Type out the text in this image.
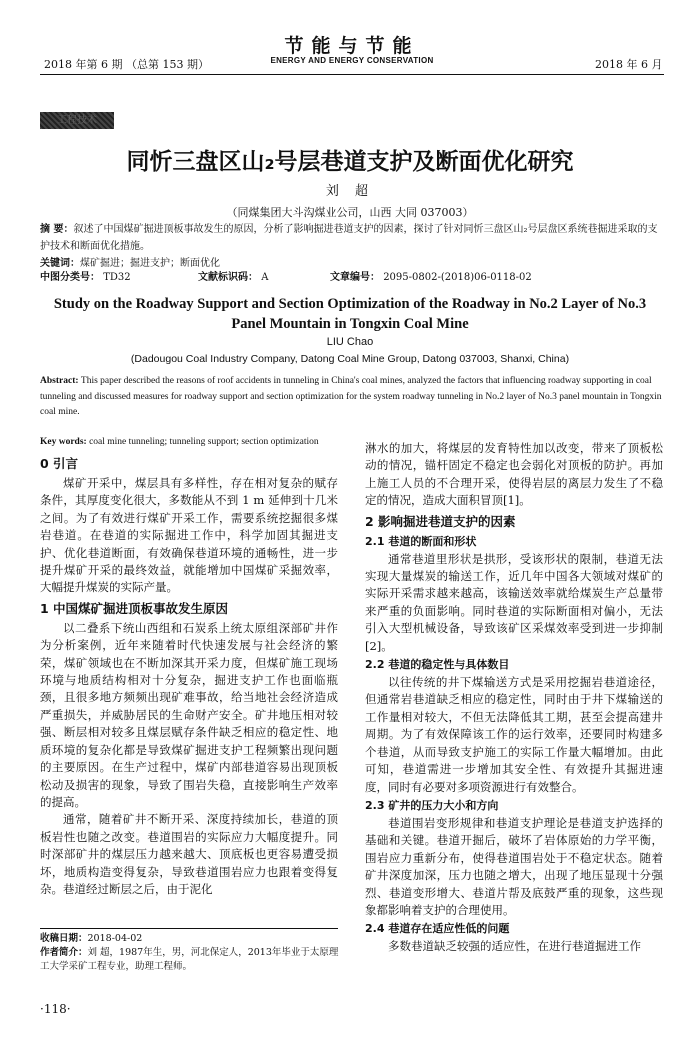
2018 年第 6 期 （总第 153 期）
节能与节能
ENERGY AND ENERGY CONSERVATION	2018 年 6 月
工程技术
同忻三盘区山₂号层巷道支护及断面优化研究
刘 超
（同煤集团大斗沟煤业公司，山西 大同 037003）
摘 要：叙述了中国煤矿掘进顶板事故发生的原因，分析了影响掘进巷道支护的因素，探讨了针对同忻三盘区山₂号层盘区系统巷掘进采取的支护技术和断面优化措施。
关键词：煤矿掘进；掘进支护；断面优化
中图分类号： TD32	文献标识码： A	文章编号： 2095-0802-(2018)06-0118-02
Study on the Roadway Support and Section Optimization of the Roadway in No.2 Layer of No.3
Panel Mountain in Tongxin Coal Mine
LIU Chao
(Dadougou Coal Industry Company, Datong Coal Mine Group, Datong 037003, Shanxi, China)
Abstract: This paper described the reasons of roof accidents in tunneling in China's coal mines, analyzed the factors that influencing roadway supporting in coal tunneling and discussed measures for roadway support and section optimization for the system roadway tunneling in No.2 layer of No.3 panel mountain in Tongxin coal mine.
Key words: coal mine tunneling; tunneling support; section optimization
0 引言

煤矿开采中，煤层具有多样性，存在相对复杂的赋存条件，其厚度变化很大，多数能从不到 1 m 延伸到十几米之间。为了有效进行煤矿开采工作，需要系统挖掘很多煤岩巷道。在巷道的实际掘进工作中，科学加固其掘进支护、优化巷道断面，有效确保巷道环境的通畅性，进一步提升煤矿开采的最终效益，就能增加中国煤矿采掘效率，大幅提升煤炭的实际产量。

1 中国煤矿掘进顶板事故发生原因

以二叠系下统山西组和石炭系上统太原组深部矿井作为分析案例，近年来随着时代快速发展与社会经济的繁荣，煤矿领域也在不断加深其开采力度，但煤矿施工现场环境与地质结构相对十分复杂，掘进支护工作也面临瓶颈，且很多地方频频出现矿难事故，给当地社会经济造成严重损失，并威胁居民的生命财产安全。矿井地压相对较强、断层相对较多且煤层赋存条件缺乏相应的稳定性、地质环境的复杂化都是导致煤矿掘进支护工程频繁出现问题的主要原因。在生产过程中，煤矿内部巷道容易出现顶板松动及损害的现象，导致了围岩失稳，直接影响生产效率的提高。

通常，随着矿井不断开采、深度持续加长，巷道的顶板岩性也随之改变。巷道围岩的实际应力大幅度提升。同时深部矿井的煤层压力越来越大、顶底板也更容易遭受损坏，地质构造变得复杂，导致巷道围岩应力也跟着变得复杂。巷道经过断层之后，由于泥化

淋水的加大，将煤层的发育特性加以改变，带来了顶板松动的情况，锚杆固定不稳定也会弱化对顶板的防护。再加上施工人员的不合理开采，使得岩层的离层力发生了不稳定的情况，造成大面积冒顶[1]。

2 影响掘进巷道支护的因素
2.1 巷道的断面和形状

通常巷道里形状是拱形，受该形状的限制，巷道无法实现大量煤炭的输送工作，近几年中国各大领域对煤矿的实际开采需求越来越高，该输送效率就给煤炭生产总量带来严重的负面影响。同时巷道的实际断面相对偏小，无法引入大型机械设备，导致该矿区采煤效率受到进一步抑制[2]。

2.2 巷道的稳定性与具体数目

以往传统的井下煤输送方式是采用挖掘岩巷道途径，但通常岩巷道缺乏相应的稳定性，同时由于井下煤输送的工作量相对较大，不但无法降低其工期，甚至会提高建井周期。为了有效保障该工作的运行效率，还要同时构建多个巷道，从而导致支护施工的实际工作量大幅增加。由此可知，巷道需进一步增加其安全性、有效提升其掘进速度，同时有必要对多项资源进行有效整合。

2.3 矿井的压力大小和方向

巷道围岩变形规律和巷道支护理论是巷道支护选择的基础和关键。巷道开掘后，破坏了岩体原始的力学平衡，围岩应力重新分布，使得巷道围岩处于不稳定状态。随着矿井深度加深，压力也随之增大，出现了地压显现十分强烈、巷道变形增大、巷道片帮及底鼓严重的现象，这些现象都影响着支护的合理使用。

2.4 巷道存在适应性低的问题

多数巷道缺乏较强的适应性，在进行巷道掘进工作

收稿日期：2018-04-02
作者简介：刘 超，1987年生，男，河北保定人，2013年毕业于太原理工大学采矿工程专业，助理工程师。
·118·
